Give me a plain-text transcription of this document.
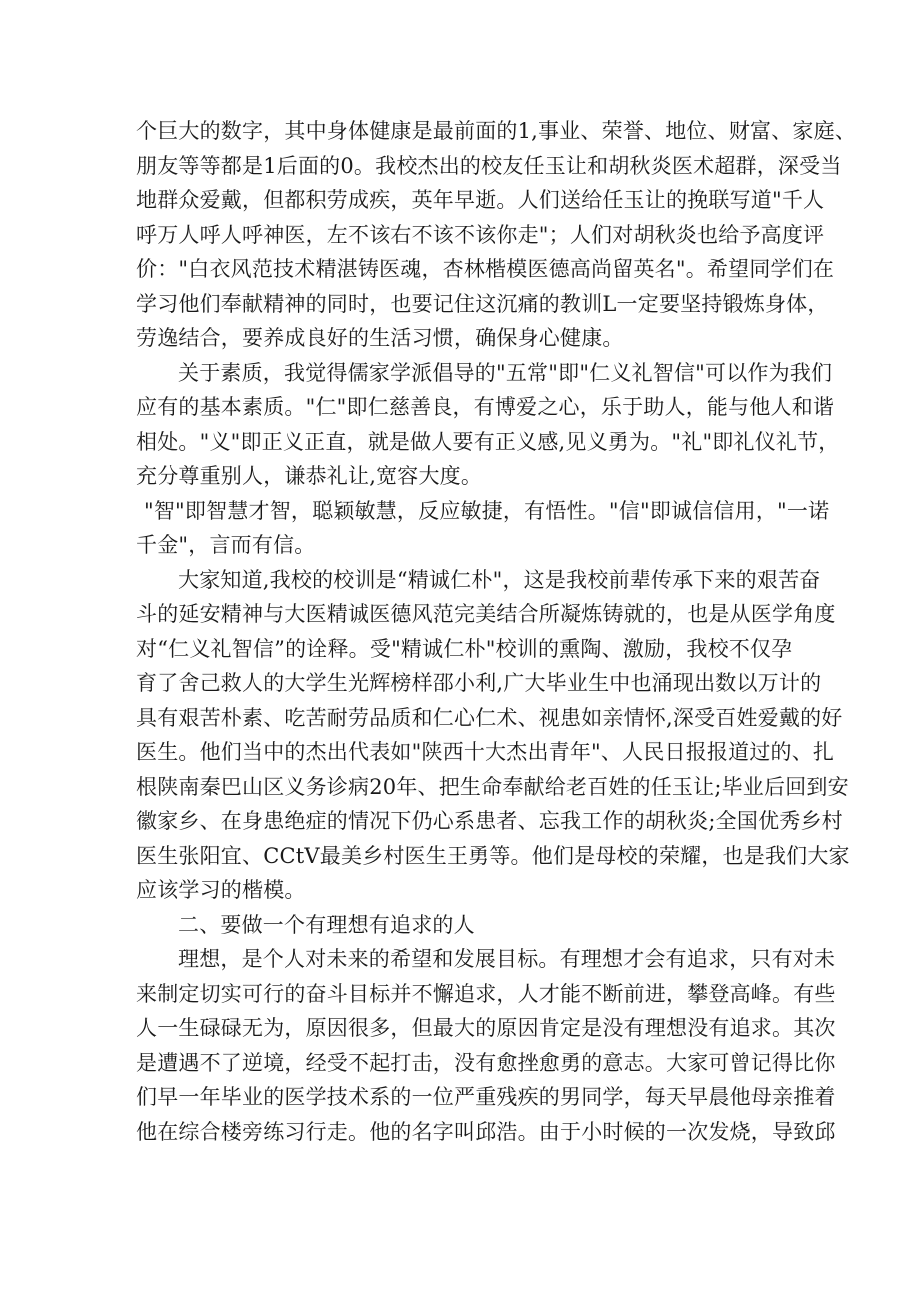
个巨大的数字，其中身体健康是最前面的1,事业、荣誉、地位、财富、家庭、
朋友等等都是1后面的0。我校杰出的校友任玉让和胡秋炎医术超群，深受当
地群众爱戴，但都积劳成疾，英年早逝。人们送给任玉让的挽联写道"千人
呼万人呼人呼神医，左不该右不该不该你走"；人们对胡秋炎也给予高度评
价："白衣风范技术精湛铸医魂，杏林楷模医德高尚留英名"。希望同学们在
学习他们奉献精神的同时，也要记住这沉痛的教训L一定要坚持锻炼身体，
劳逸结合，要养成良好的生活习惯，确保身心健康。
关于素质，我觉得儒家学派倡导的"五常"即"仁义礼智信"可以作为我们
应有的基本素质。"仁"即仁慈善良，有博爱之心，乐于助人，能与他人和谐
相处。"义"即正义正直，就是做人要有正义感,见义勇为。"礼"即礼仪礼节，
充分尊重别人，谦恭礼让,宽容大度。
"智"即智慧才智，聪颖敏慧，反应敏捷，有悟性。"信"即诚信信用，"一诺
千金"，言而有信。
大家知道,我校的校训是“精诚仁朴"，这是我校前辈传承下来的艰苦奋
斗的延安精神与大医精诚医德风范完美结合所凝炼铸就的，也是从医学角度
对“仁义礼智信”的诠释。受"精诚仁朴"校训的熏陶、激励，我校不仅孕
育了舍己救人的大学生光辉榜样邵小利,广大毕业生中也涌现出数以万计的
具有艰苦朴素、吃苦耐劳品质和仁心仁术、视患如亲情怀,深受百姓爱戴的好
医生。他们当中的杰出代表如"陕西十大杰出青年"、人民日报报道过的、扎
根陕南秦巴山区义务诊病20年、把生命奉献给老百姓的任玉让;毕业后回到安
徽家乡、在身患绝症的情况下仍心系患者、忘我工作的胡秋炎;全国优秀乡村
医生张阳宜、CCtV最美乡村医生王勇等。他们是母校的荣耀，也是我们大家
应该学习的楷模。
二、要做一个有理想有追求的人
理想，是个人对未来的希望和发展目标。有理想才会有追求，只有对未
来制定切实可行的奋斗目标并不懈追求，人才能不断前进，攀登高峰。有些
人一生碌碌无为，原因很多，但最大的原因肯定是没有理想没有追求。其次
是遭遇不了逆境，经受不起打击，没有愈挫愈勇的意志。大家可曾记得比你
们早一年毕业的医学技术系的一位严重残疾的男同学，每天早晨他母亲推着
他在综合楼旁练习行走。他的名字叫邱浩。由于小时候的一次发烧，导致邱
